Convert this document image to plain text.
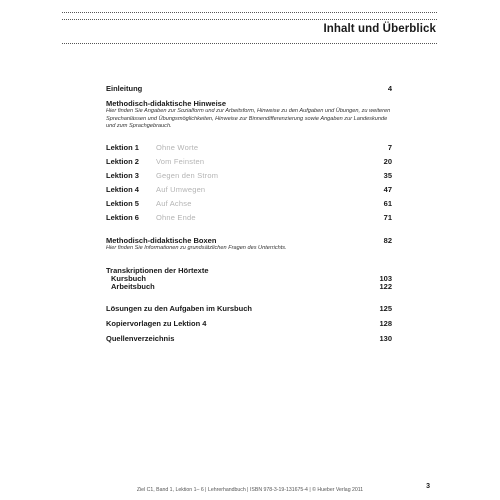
Inhalt und Überblick
Einleitung	4
Methodisch-didaktische Hinweise
Hier finden Sie Angaben zur Sozialform und zur Arbeitsform, Hinweise zu den Aufgaben und Übungen, zu weiteren
Sprechanlässen und Übungsmöglichkeiten, Hinweise zur Binnendifferenzierung sowie Angaben zur Landeskunde
und zum Sprachgebrauch.
Lektion 1 Ohne Worte	7
Lektion 2 Vom Feinsten	20
Lektion 3 Gegen den Strom	35
Lektion 4 Auf Umwegen	47
Lektion 5 Auf Achse	61
Lektion 6 Ohne Ende	71
Methodisch-didaktische Boxen	82
Hier finden Sie Informationen zu grundsätzlichen Fragen des Unterrichts.
Transkriptionen der Hörtexte
Kursbuch	103
Arbeitsbuch	122
Lösungen zu den Aufgaben im Kursbuch	125
Kopiervorlagen zu Lektion 4	128
Quellenverzeichnis	130
Ziel C1, Band 1, Lektion 1– 6 | Lehrerhandbuch | ISBN 978-3-19-131675-4 | © Hueber Verlag 2011	3
